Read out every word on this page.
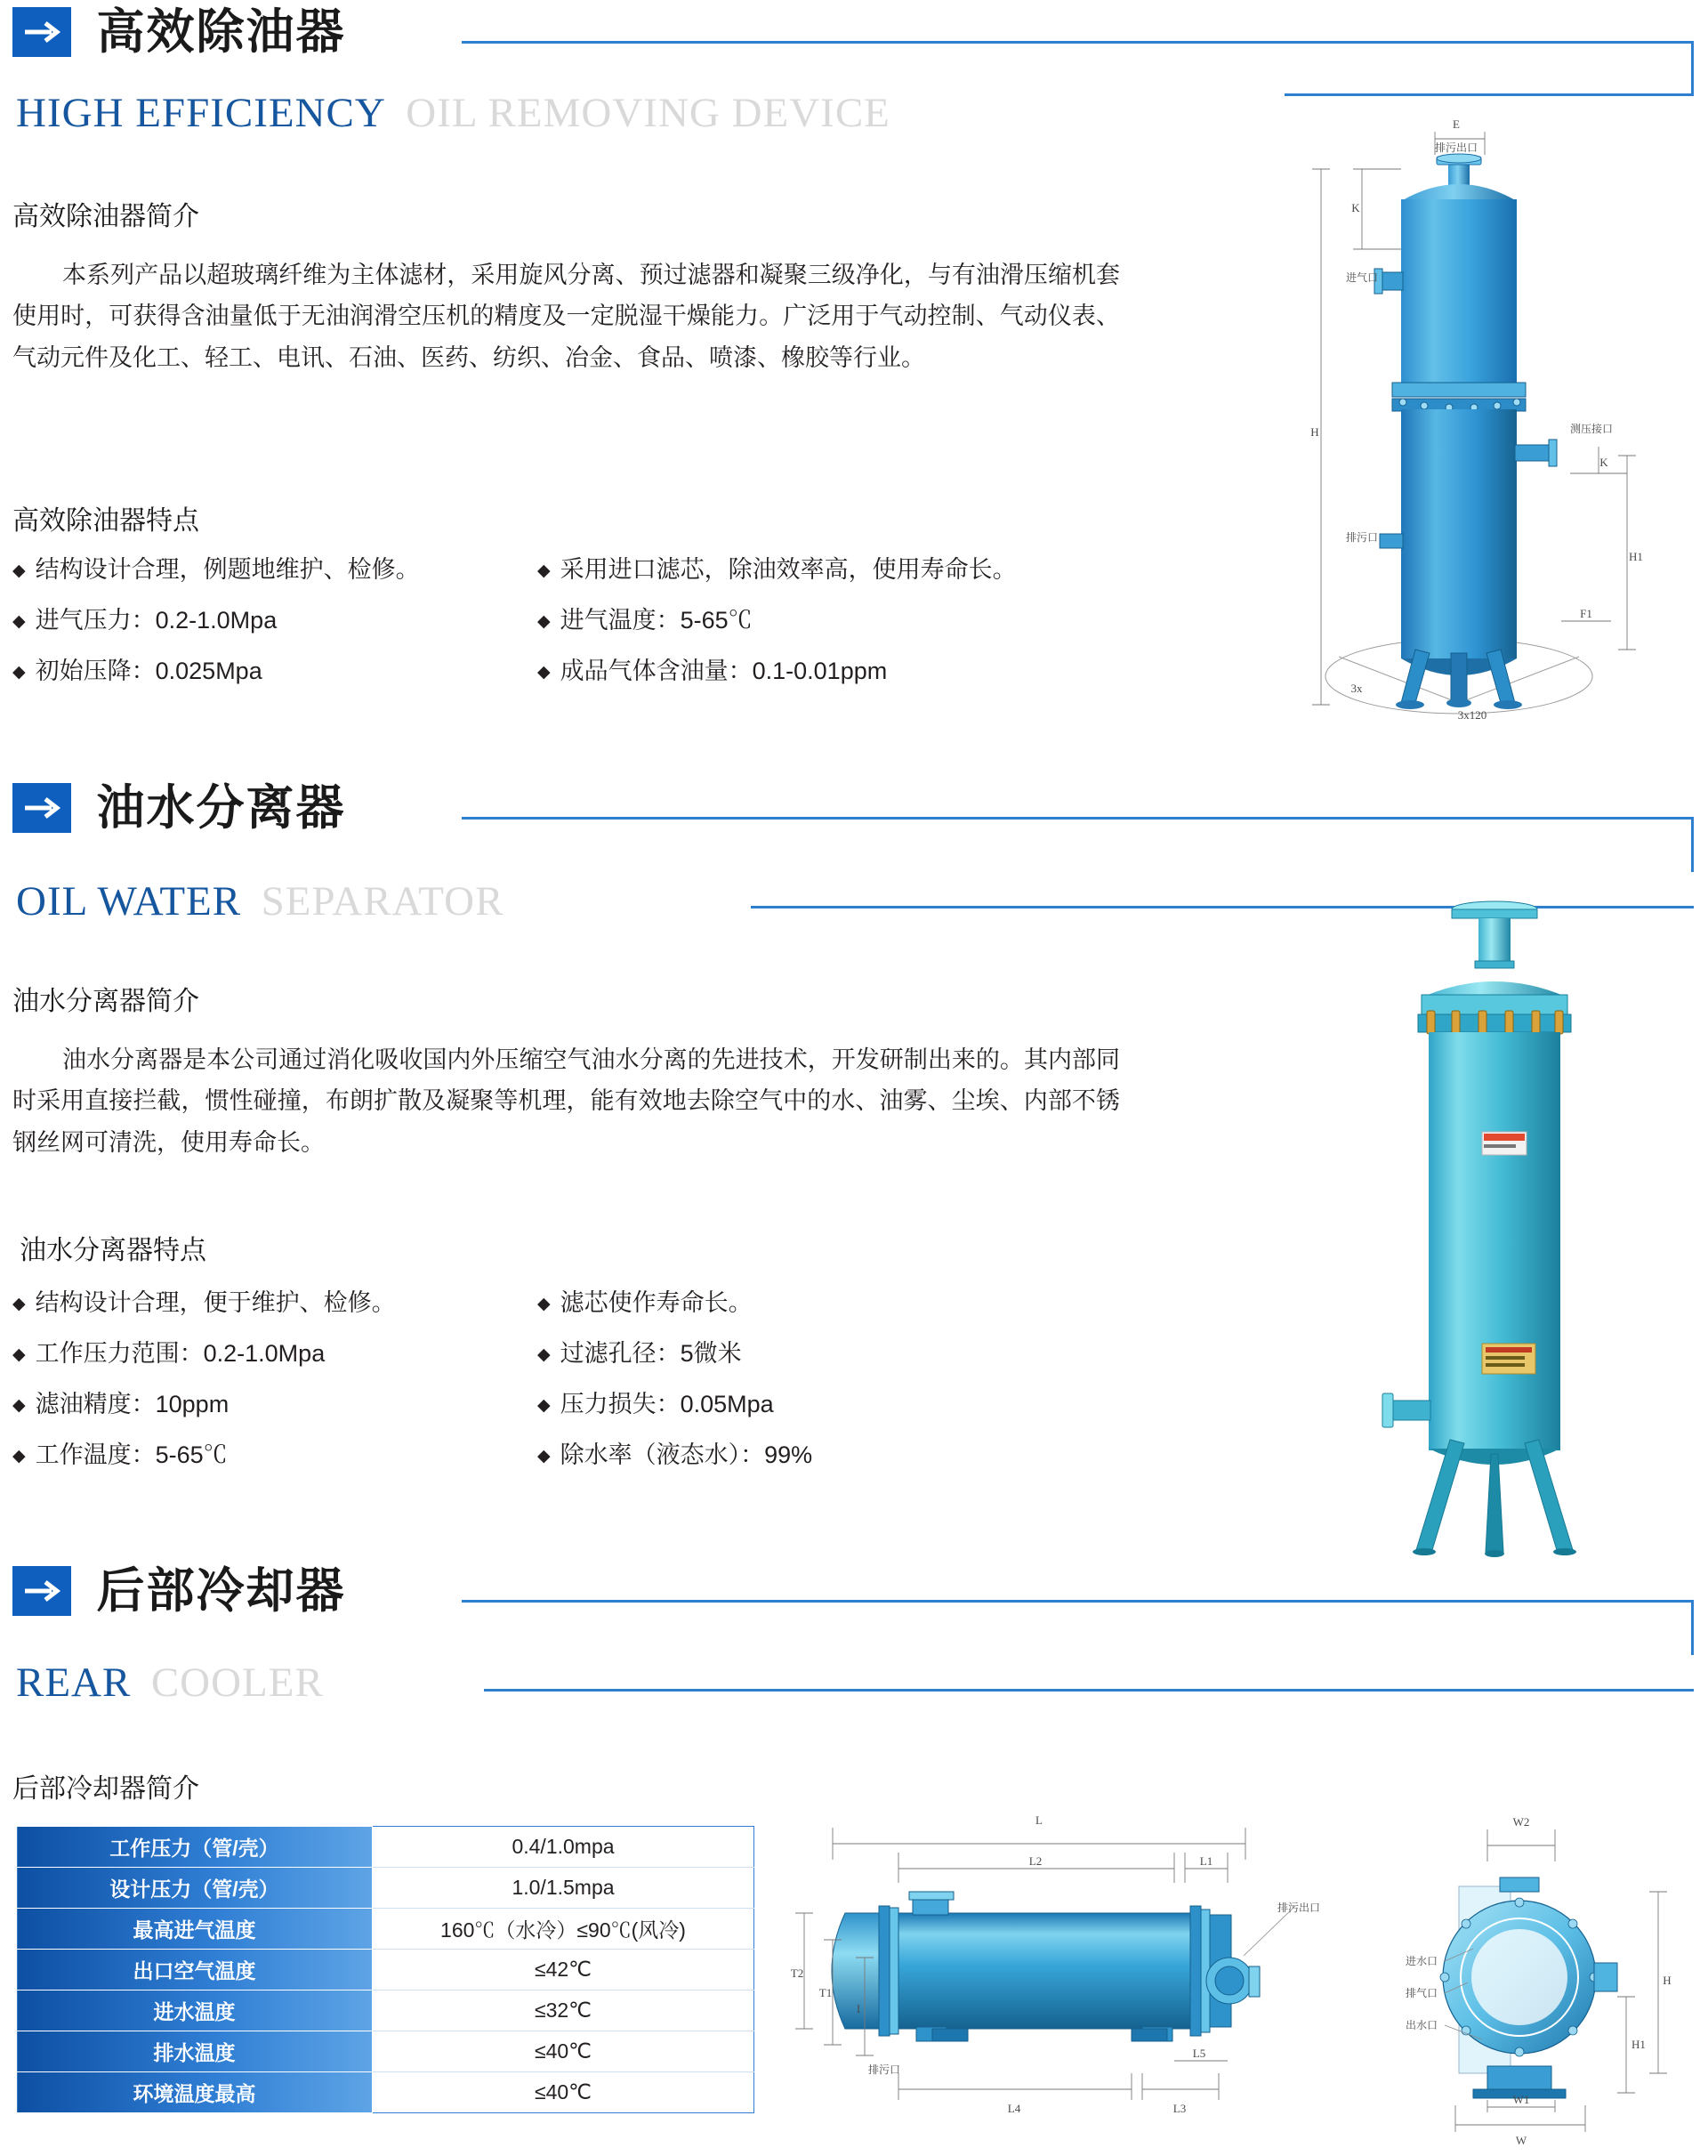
高效除油器
HIGH EFFICIENCY OIL REMOVING DEVICE
高效除油器简介
本系列产品以超玻璃纤维为主体滤材，采用旋风分离、预过滤器和凝聚三级净化，与有油滑压缩机套使用时，可获得含油量低于无油润滑空压机的精度及一定脱湿干燥能力。广泛用于气动控制、气动仪表、气动元件及化工、轻工、电讯、石油、医药、纺织、冶金、食品、喷漆、橡胶等行业。
高效除油器特点
◆ 结构设计合理，例题地维护、检修。	◆ 采用进口滤芯，除油效率高，使用寿命长。
◆ 进气压力：0.2-1.0Mpa	◆ 进气温度：5-65℃
◆ 初始压降：0.025Mpa	◆ 成品气体含油量：0.1-0.01ppm
E
K
H
H1
K
F1
3x
3x120
排污出口
进气口
测压接口
排污口
油水分离器
OIL WATER SEPARATOR
油水分离器简介
油水分离器是本公司通过消化吸收国内外压缩空气油水分离的先进技术，开发研制出来的。其内部同时采用直接拦截，惯性碰撞，布朗扩散及凝聚等机理，能有效地去除空气中的水、油雾、尘埃、内部不锈钢丝网可清洗，使用寿命长。
油水分离器特点
◆ 结构设计合理，便于维护、检修。	◆ 滤芯使作寿命长。
◆ 工作压力范围：0.2-1.0Mpa	◆ 过滤孔径：5微米
◆ 滤油精度：10ppm	◆ 压力损失：0.05Mpa
◆ 工作温度：5-65℃	◆ 除水率（液态水）：99%
后部冷却器
REAR COOLER
后部冷却器简介
工作压力（管/壳）	0.4/1.0mpa
设计压力（管/壳）	1.0/1.5mpa
最高进气温度	160℃（水冷）≤90℃(风冷)
出口空气温度	≤42℃
进水温度	≤32℃
排水温度	≤40℃
环境温度最高	≤40℃
L
L2	L1
T2
T1
I
L4	L3
L5
排污口
排污出口
W2
H
H1
W1
W
进水口
排气口
出水口
